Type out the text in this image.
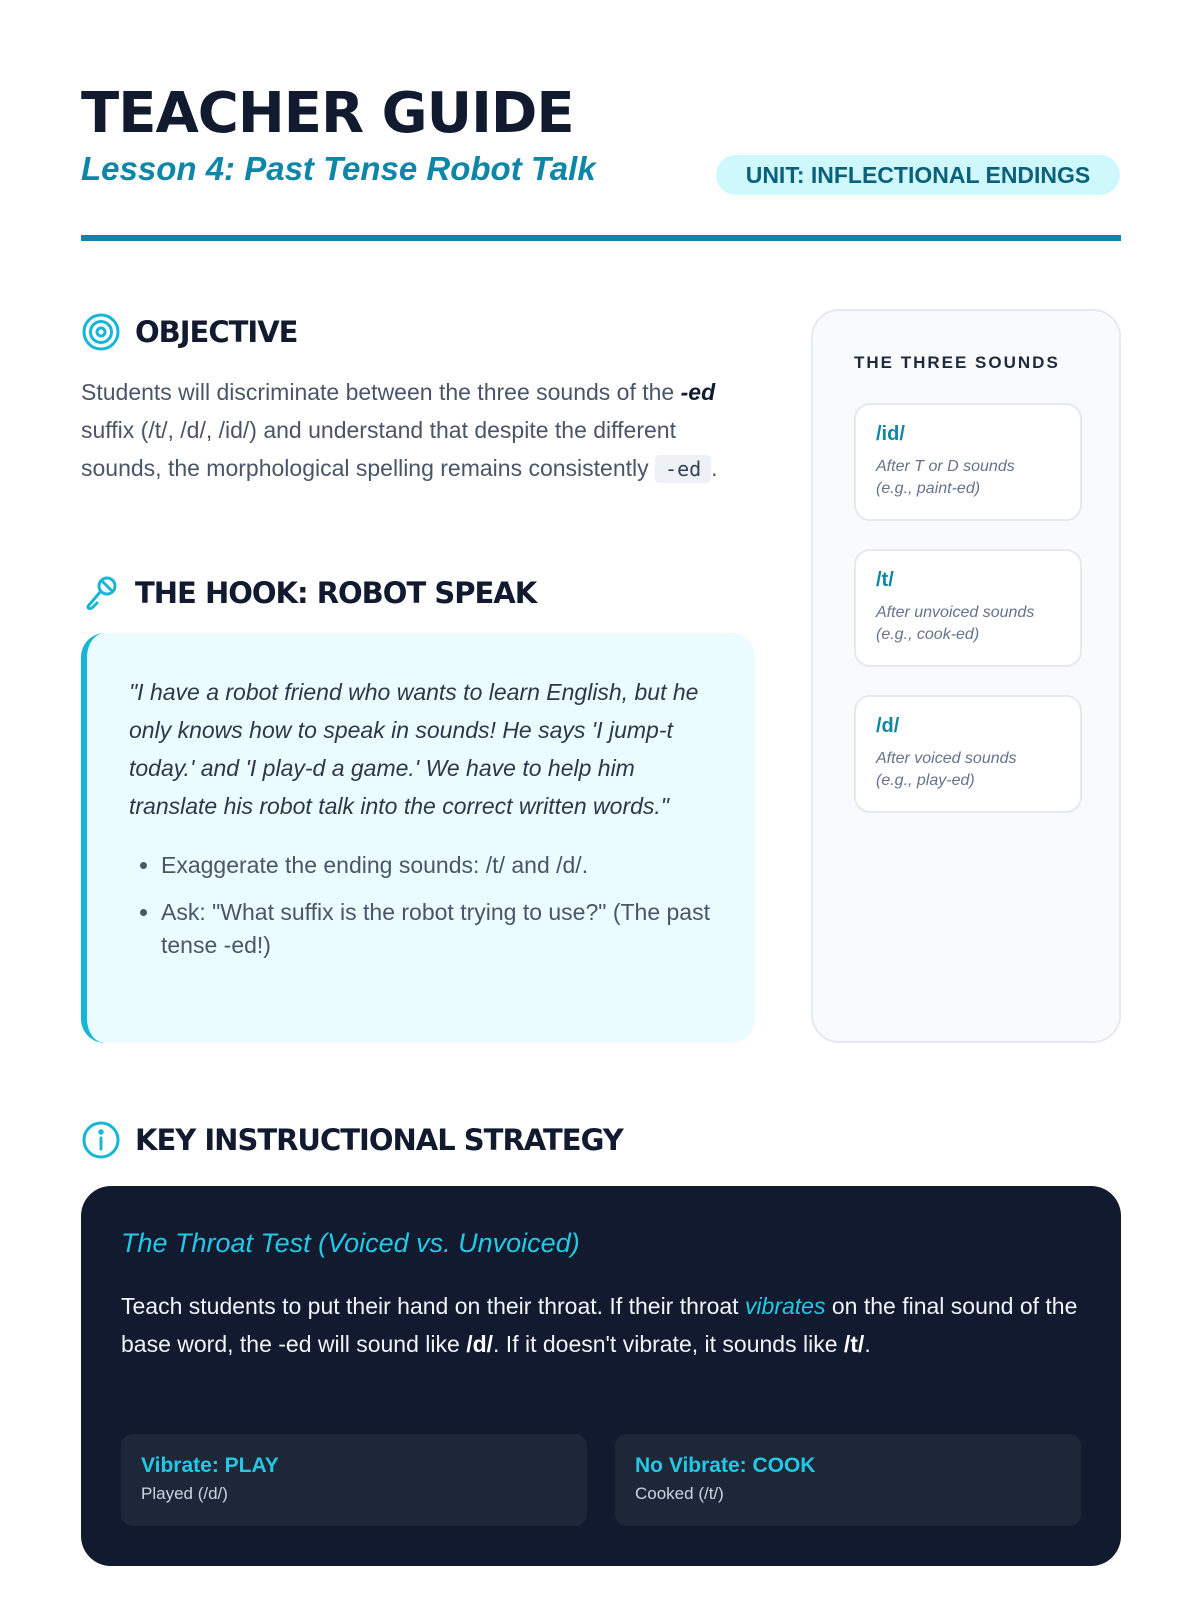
TEACHER GUIDE
Lesson 4: Past Tense Robot Talk	UNIT: INFLECTIONAL ENDINGS
OBJECTIVE

Students will discriminate between the three sounds of the -ed suffix (/t/, /d/, /id/) and understand that despite the different sounds, the morphological spelling remains consistently -ed .

THE HOOK: ROBOT SPEAK

"I have a robot friend who wants to learn English, but he only knows how to speak in sounds! He says 'I jump-t today.' and 'I play-d a game.' We have to help him translate his robot talk into the correct written words."

• Exaggerate the ending sounds: /t/ and /d/.
• Ask: "What suffix is the robot trying to use?" (The past tense -ed!)
THE THREE SOUNDS
/id/
After T or D sounds
(e.g., paint-ed)
/t/
After unvoiced sounds
(e.g., cook-ed)
/d/
After voiced sounds
(e.g., play-ed)
KEY INSTRUCTIONAL STRATEGY
The Throat Test (Voiced vs. Unvoiced)

Teach students to put their hand on their throat. If their throat vibrates on the final sound of the base word, the -ed will sound like /d/. If it doesn't vibrate, it sounds like /t/.

Vibrate: PLAY
Played (/d/)
No Vibrate: COOK
Cooked (/t/)
